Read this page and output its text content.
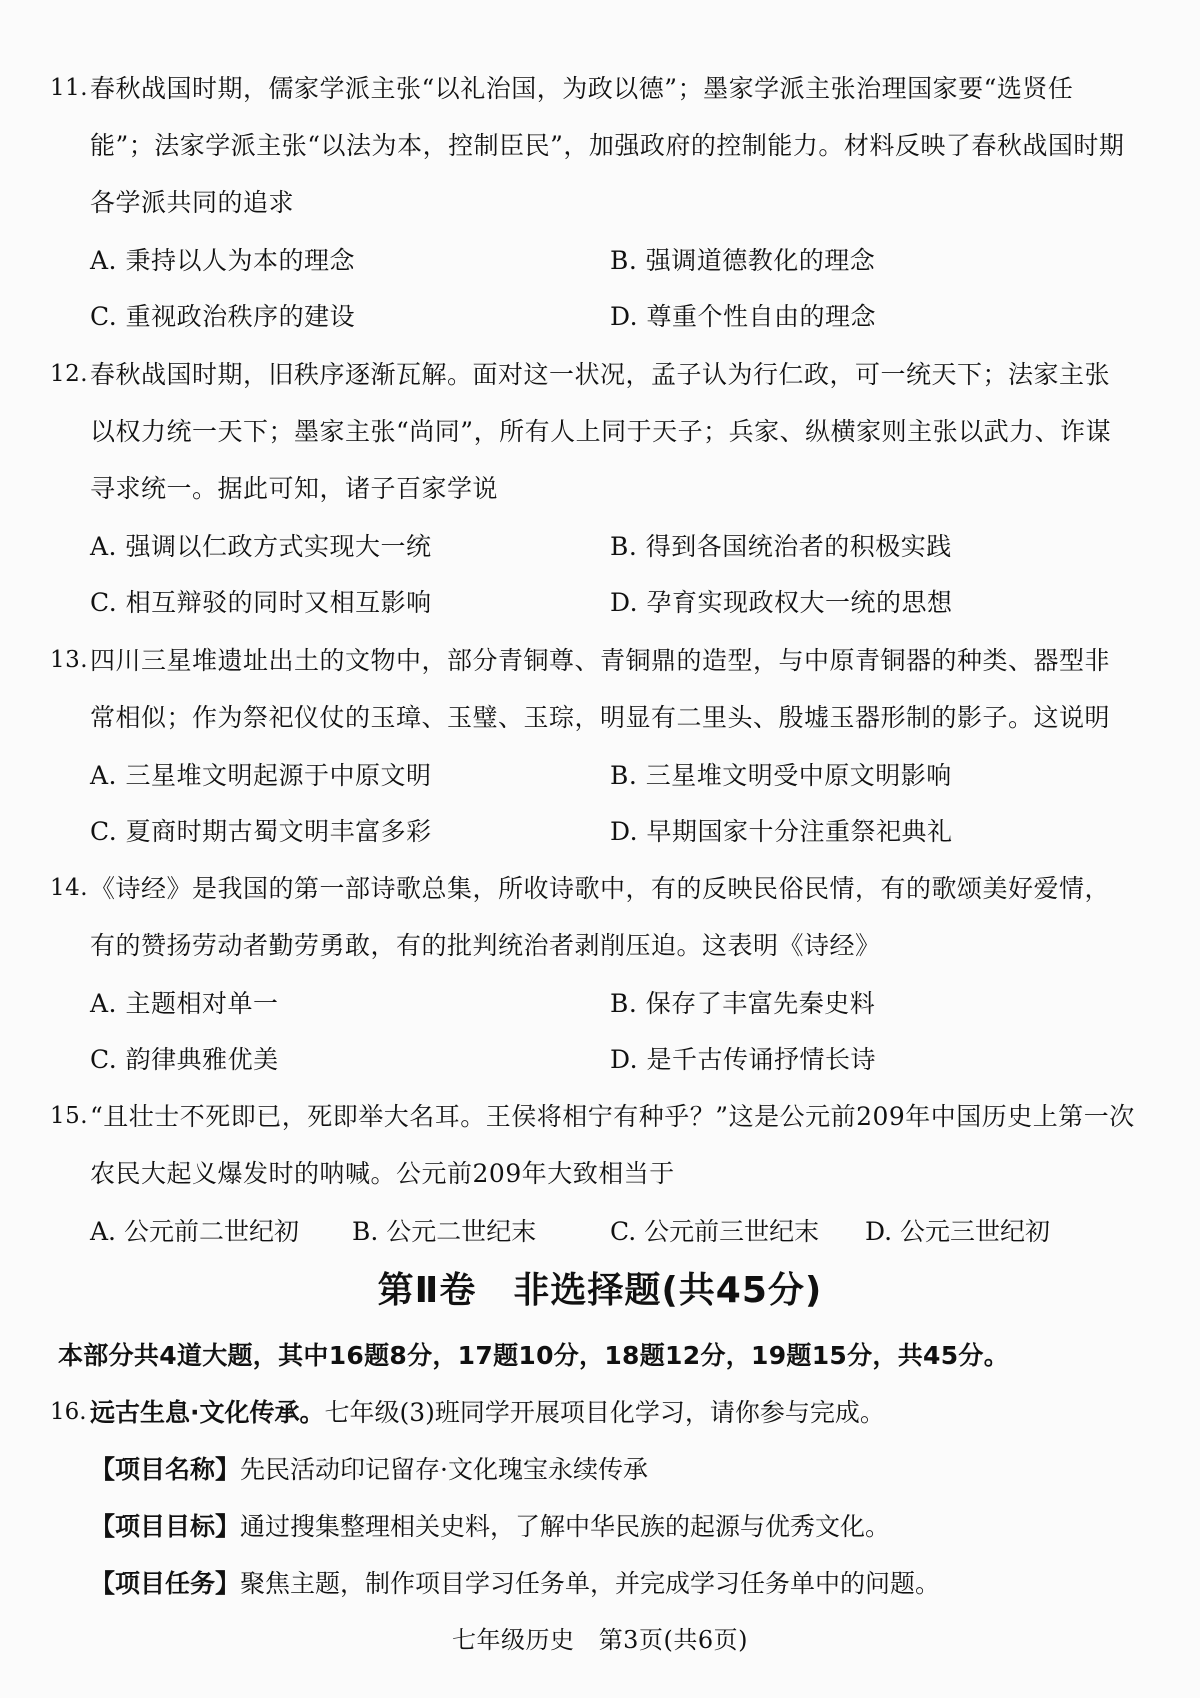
11. 春秋战国时期，儒家学派主张“以礼治国，为政以德”；墨家学派主张治理国家要“选贤任能”；法家学派主张“以法为本，控制臣民”，加强政府的控制能力。材料反映了春秋战国时期各学派共同的追求
A. 秉持以人为本的理念	B. 强调道德教化的理念
C. 重视政治秩序的建设	D. 尊重个性自由的理念
12. 春秋战国时期，旧秩序逐渐瓦解。面对这一状况，孟子认为行仁政，可一统天下；法家主张以权力统一天下；墨家主张“尚同”，所有人上同于天子；兵家、纵横家则主张以武力、诈谋寻求统一。据此可知，诸子百家学说
A. 强调以仁政方式实现大一统	B. 得到各国统治者的积极实践
C. 相互辩驳的同时又相互影响	D. 孕育实现政权大一统的思想
13. 四川三星堆遗址出土的文物中，部分青铜尊、青铜鼎的造型，与中原青铜器的种类、器型非常相似；作为祭祀仪仗的玉璋、玉璧、玉琮，明显有二里头、殷墟玉器形制的影子。这说明
A. 三星堆文明起源于中原文明	B. 三星堆文明受中原文明影响
C. 夏商时期古蜀文明丰富多彩	D. 早期国家十分注重祭祀典礼
14. 《诗经》是我国的第一部诗歌总集，所收诗歌中，有的反映民俗民情，有的歌颂美好爱情，有的赞扬劳动者勤劳勇敢，有的批判统治者剥削压迫。这表明《诗经》
A. 主题相对单一	B. 保存了丰富先秦史料
C. 韵律典雅优美	D. 是千古传诵抒情长诗
15. “且壮士不死即已，死即举大名耳。王侯将相宁有种乎？”这是公元前209年中国历史上第一次农民大起义爆发时的呐喊。公元前209年大致相当于
A. 公元前二世纪初	B. 公元二世纪末	C. 公元前三世纪末	D. 公元三世纪初
第Ⅱ卷　非选择题(共45分)
本部分共4道大题，其中16题8分，17题10分，18题12分，19题15分，共45分。
16. 远古生息·文化传承。七年级(3)班同学开展项目化学习，请你参与完成。
【项目名称】先民活动印记留存·文化瑰宝永续传承
【项目目标】通过搜集整理相关史料，了解中华民族的起源与优秀文化。
【项目任务】聚焦主题，制作项目学习任务单，并完成学习任务单中的问题。
七年级历史 第3页(共6页)
